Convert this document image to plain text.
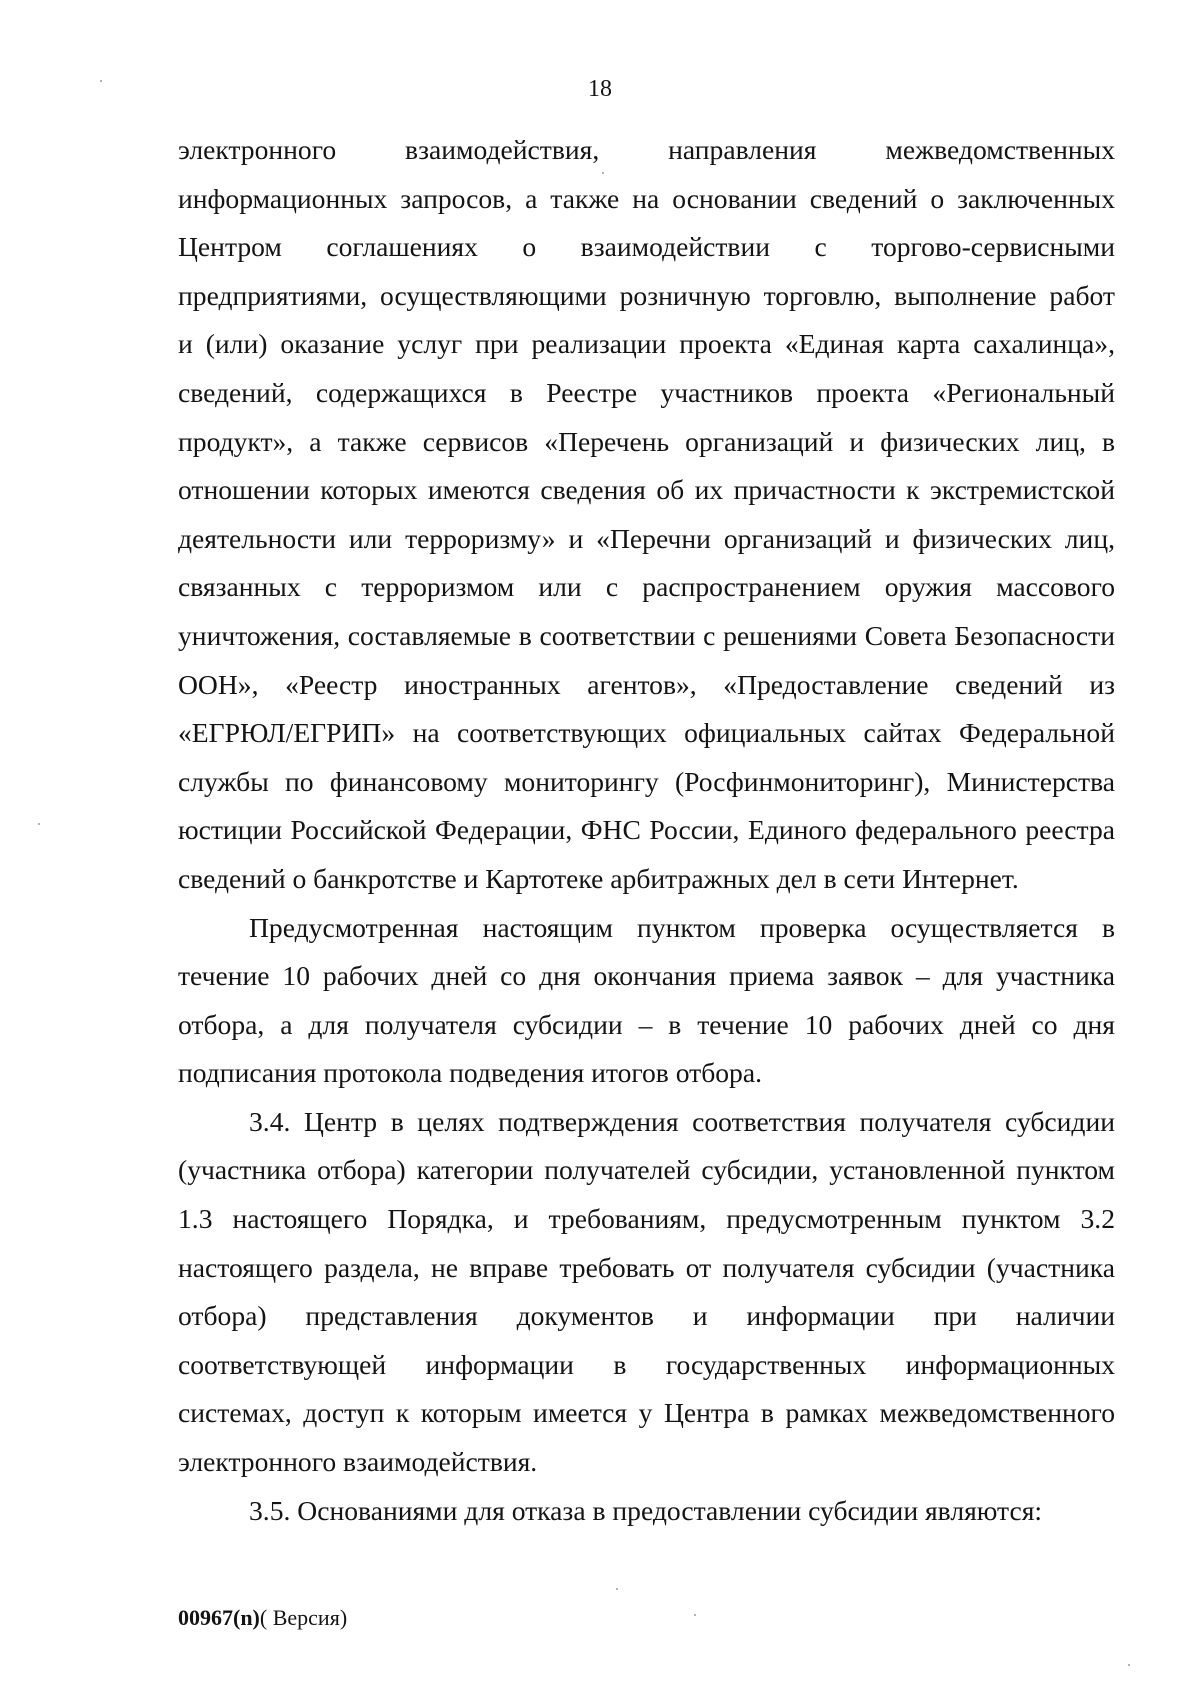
18
электронного взаимодействия, направления межведомственных
информационных запросов, а также на основании сведений о заключенных
Центром соглашениях о взаимодействии с торгово-сервисными
предприятиями, осуществляющими розничную торговлю, выполнение работ
и (или) оказание услуг при реализации проекта «Единая карта сахалинца»,
сведений, содержащихся в Реестре участников проекта «Региональный
продукт», а также сервисов «Перечень организаций и физических лиц, в
отношении которых имеются сведения об их причастности к экстремистской
деятельности или терроризму» и «Перечни организаций и физических лиц,
связанных с терроризмом или с распространением оружия массового
уничтожения, составляемые в соответствии с решениями Совета Безопасности
ООН», «Реестр иностранных агентов», «Предоставление сведений из
«ЕГРЮЛ/ЕГРИП» на соответствующих официальных сайтах Федеральной
службы по финансовому мониторингу (Росфинмониторинг), Министерства
юстиции Российской Федерации, ФНС России, Единого федерального реестра
сведений о банкротстве и Картотеке арбитражных дел в сети Интернет.
Предусмотренная настоящим пунктом проверка осуществляется в
течение 10 рабочих дней со дня окончания приема заявок – для участника
отбора, а для получателя субсидии – в течение 10 рабочих дней со дня
подписания протокола подведения итогов отбора.
3.4. Центр в целях подтверждения соответствия получателя субсидии
(участника отбора) категории получателей субсидии, установленной пунктом
1.3 настоящего Порядка, и требованиям, предусмотренным пунктом 3.2
настоящего раздела, не вправе требовать от получателя субсидии (участника
отбора) представления документов и информации при наличии
соответствующей информации в государственных информационных
системах, доступ к которым имеется у Центра в рамках межведомственного
электронного взаимодействия.
3.5. Основаниями для отказа в предоставлении субсидии являются:
00967(n)( Версия)
